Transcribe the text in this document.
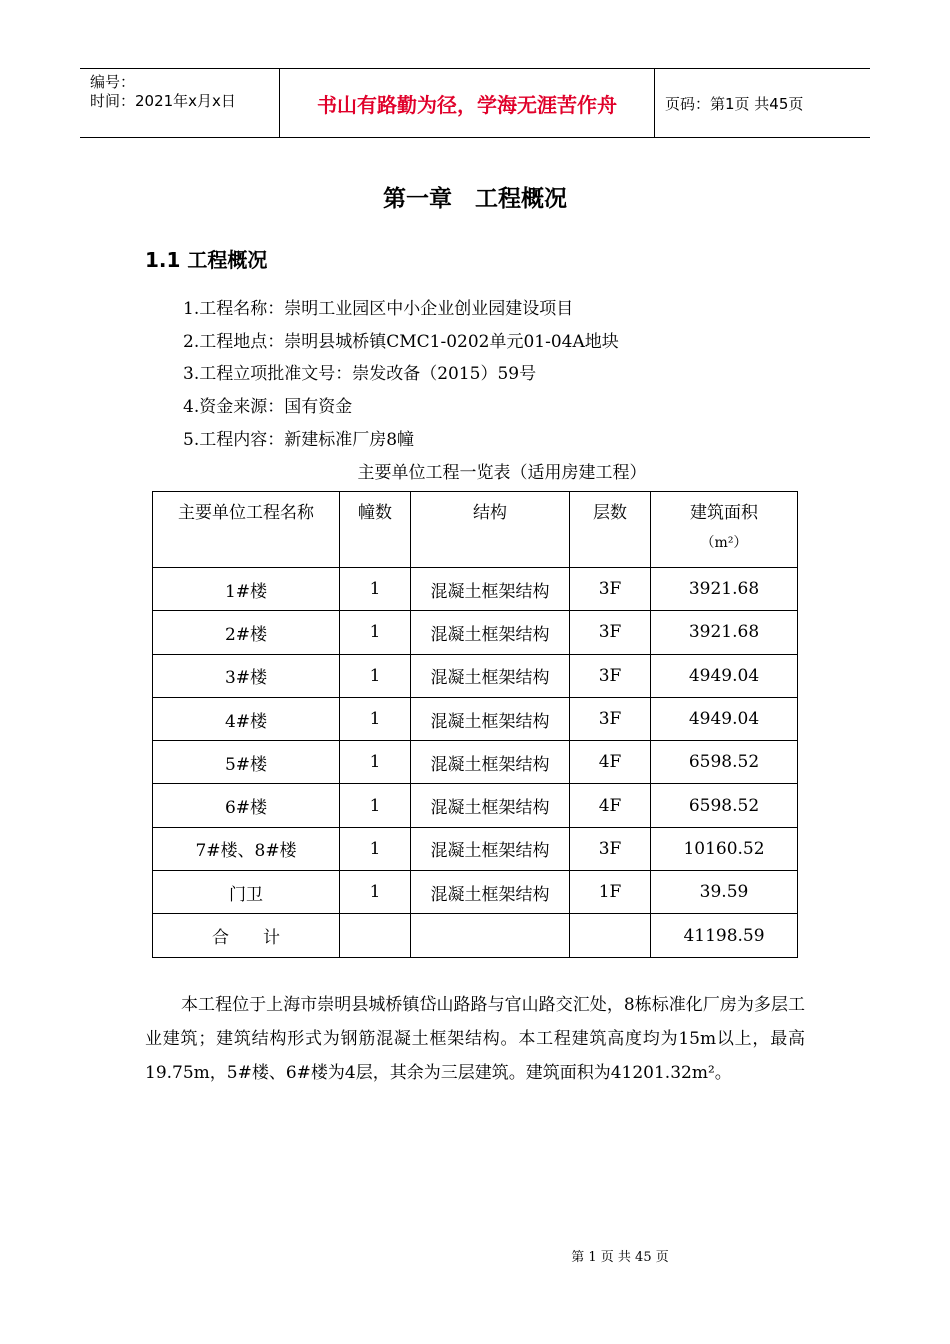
编号：
时间：2021年x月x日	书山有路勤为径，学海无涯苦作舟	页码：第1页 共45页
第一章　工程概况
1.1 工程概况
1.工程名称：崇明工业园区中小企业创业园建设项目
2.工程地点：崇明县城桥镇CMC1-0202单元01-04A地块
3.工程立项批准文号：崇发改备（2015）59号
4.资金来源：国有资金
5.工程内容：新建标准厂房8幢
主要单位工程一览表（适用房建工程）
主要单位工程名称	幢数	结构	层数	建筑面积
（m²）

1#楼	1	混凝土框架结构	3F	3921.68
2#楼	1	混凝土框架结构	3F	3921.68
3#楼	1	混凝土框架结构	3F	4949.04
4#楼	1	混凝土框架结构	3F	4949.04
5#楼	1	混凝土框架结构	4F	6598.52
6#楼	1	混凝土框架结构	4F	6598.52
7#楼、8#楼	1	混凝土框架结构	3F	10160.52
门卫	1	混凝土框架结构	1F	39.59
合　　计				41198.59
本工程位于上海市崇明县城桥镇岱山路路与官山路交汇处，8栋标准化厂房为多层工业建筑；建筑结构形式为钢筋混凝土框架结构。本工程建筑高度均为15m以上，最高19.75m，5#楼、6#楼为4层，其余为三层建筑。建筑面积为41201.32m²。
第 1 页 共 45 页
